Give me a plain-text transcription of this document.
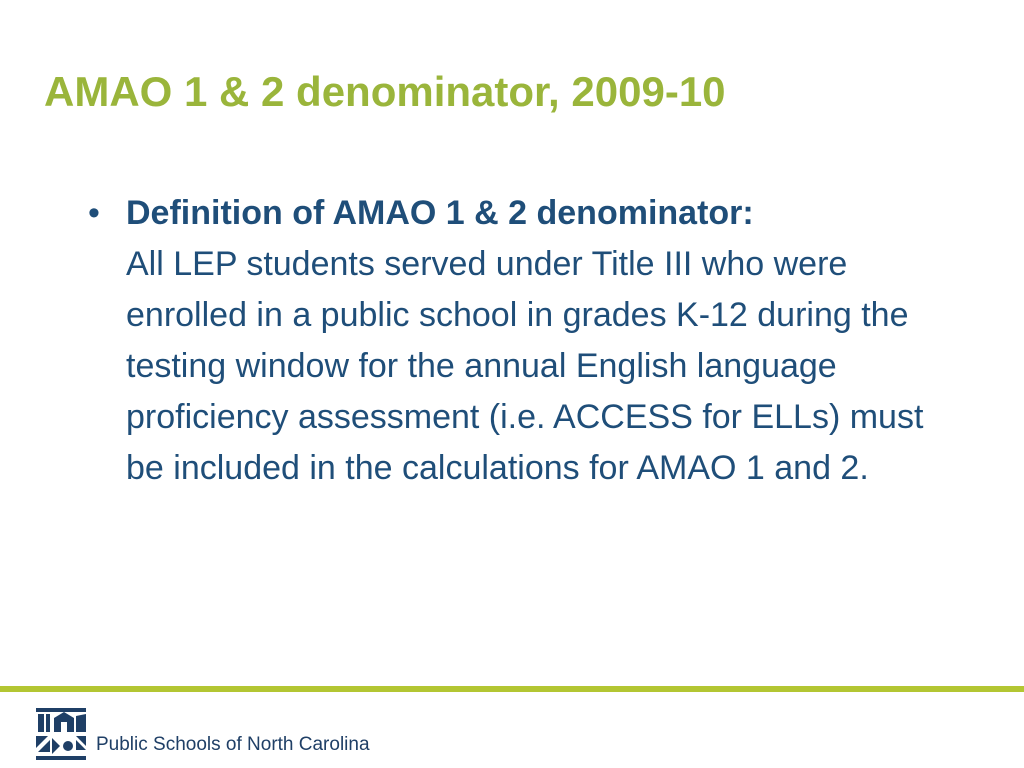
AMAO 1 & 2 denominator, 2009-10
• Definition of AMAO 1 & 2 denominator:
All LEP students served under Title III who were enrolled in a public school in grades K-12 during the testing window for the annual English language proficiency assessment (i.e. ACCESS for ELLs) must be included in the calculations for AMAO 1 and 2.
Public Schools of North Carolina
